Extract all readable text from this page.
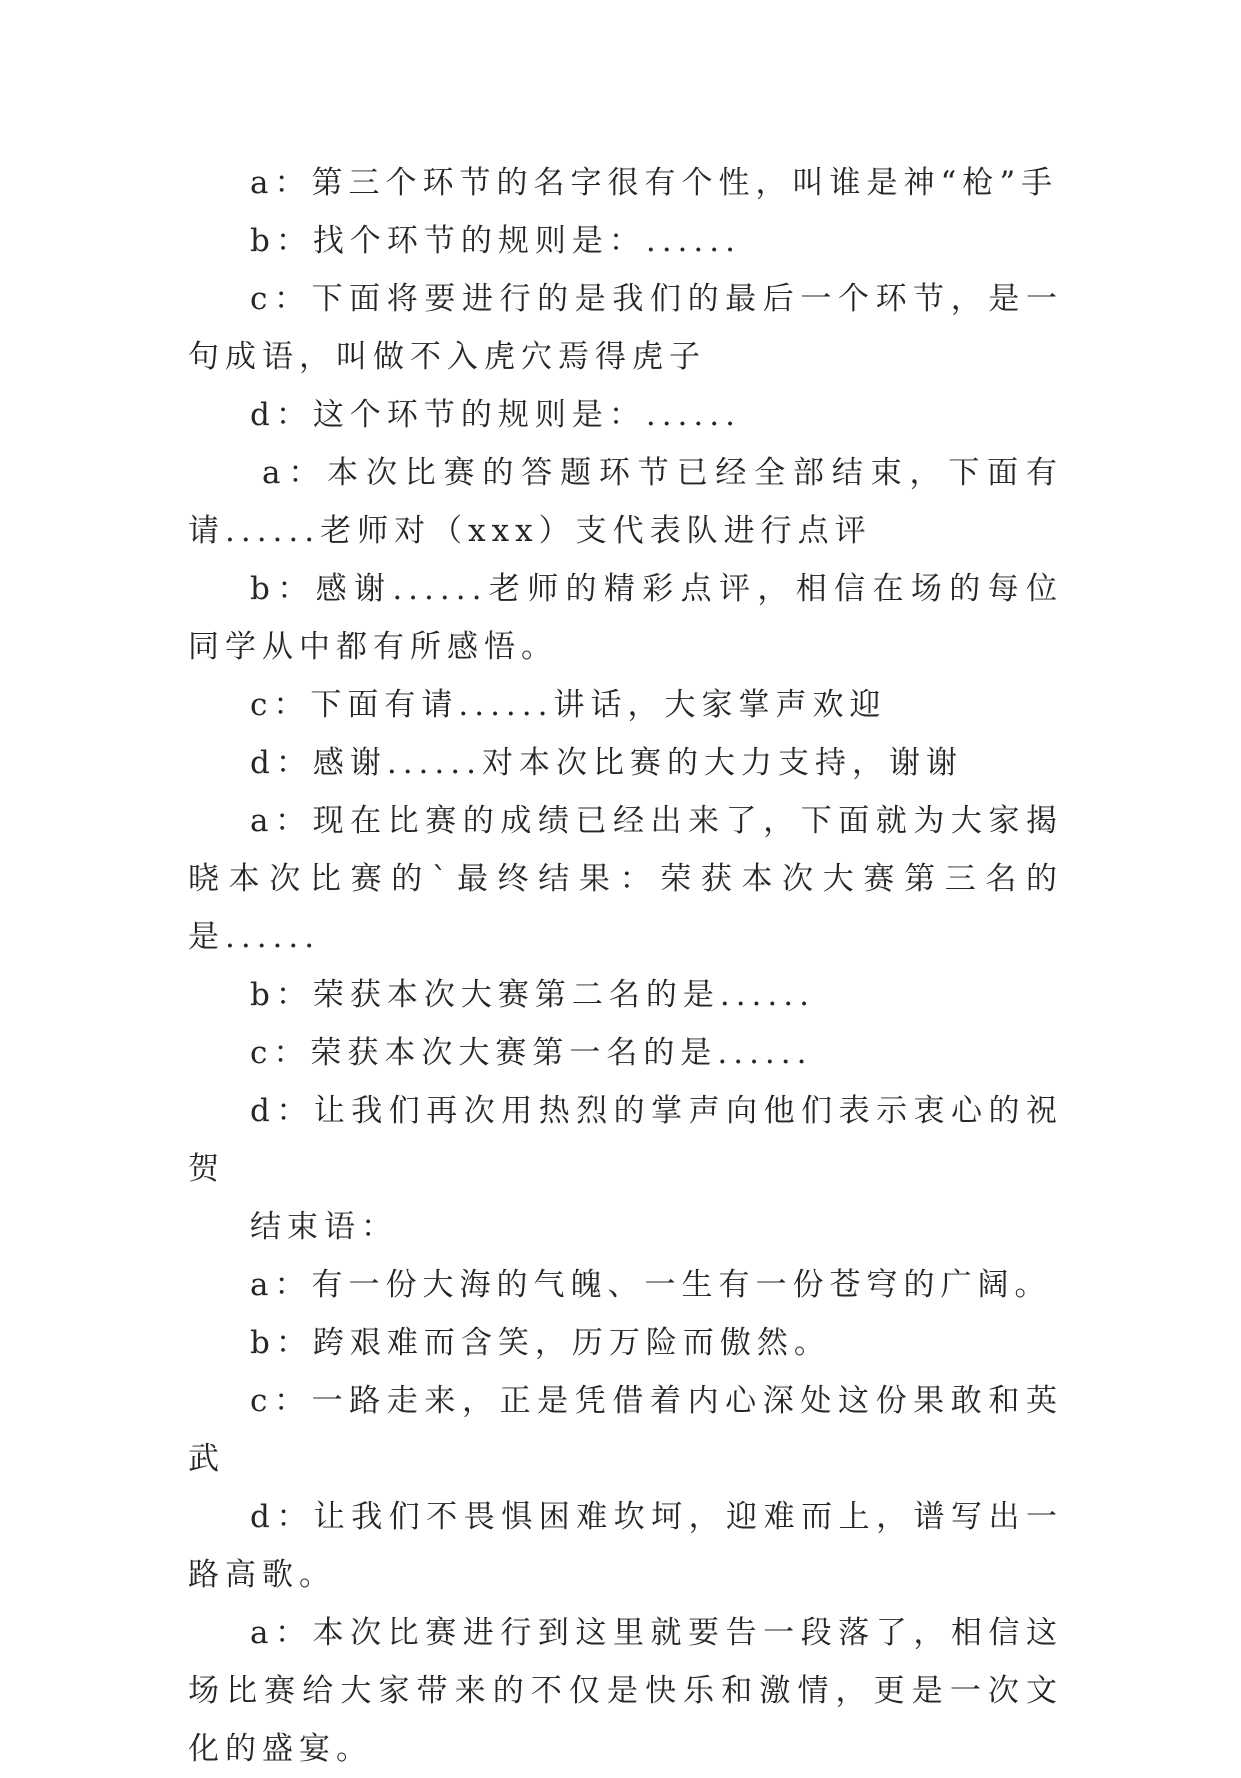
a：第三个环节的名字很有个性，叫谁是神“枪”手

b：找个环节的规则是：......

c：下面将要进行的是我们的最后一个环节，是一句成语，叫做不入虎穴焉得虎子

d：这个环节的规则是：......

a：本次比赛的答题环节已经全部结束，下面有请......老师对（xxx）支代表队进行点评

b：感谢......老师的精彩点评，相信在场的每位同学从中都有所感悟。

c：下面有请......讲话，大家掌声欢迎

d：感谢......对本次比赛的大力支持，谢谢

a：现在比赛的成绩已经出来了，下面就为大家揭晓本次比赛的`最终结果：荣获本次大赛第三名的是......

b：荣获本次大赛第二名的是......

c：荣获本次大赛第一名的是......

d：让我们再次用热烈的掌声向他们表示衷心的祝贺

结束语：

a：有一份大海的气魄、一生有一份苍穹的广阔。

b：跨艰难而含笑，历万险而傲然。

c：一路走来，正是凭借着内心深处这份果敢和英武

d：让我们不畏惧困难坎坷，迎难而上，谱写出一路高歌。

a：本次比赛进行到这里就要告一段落了，相信这场比赛给大家带来的不仅是快乐和激情，更是一次文化的盛宴。
